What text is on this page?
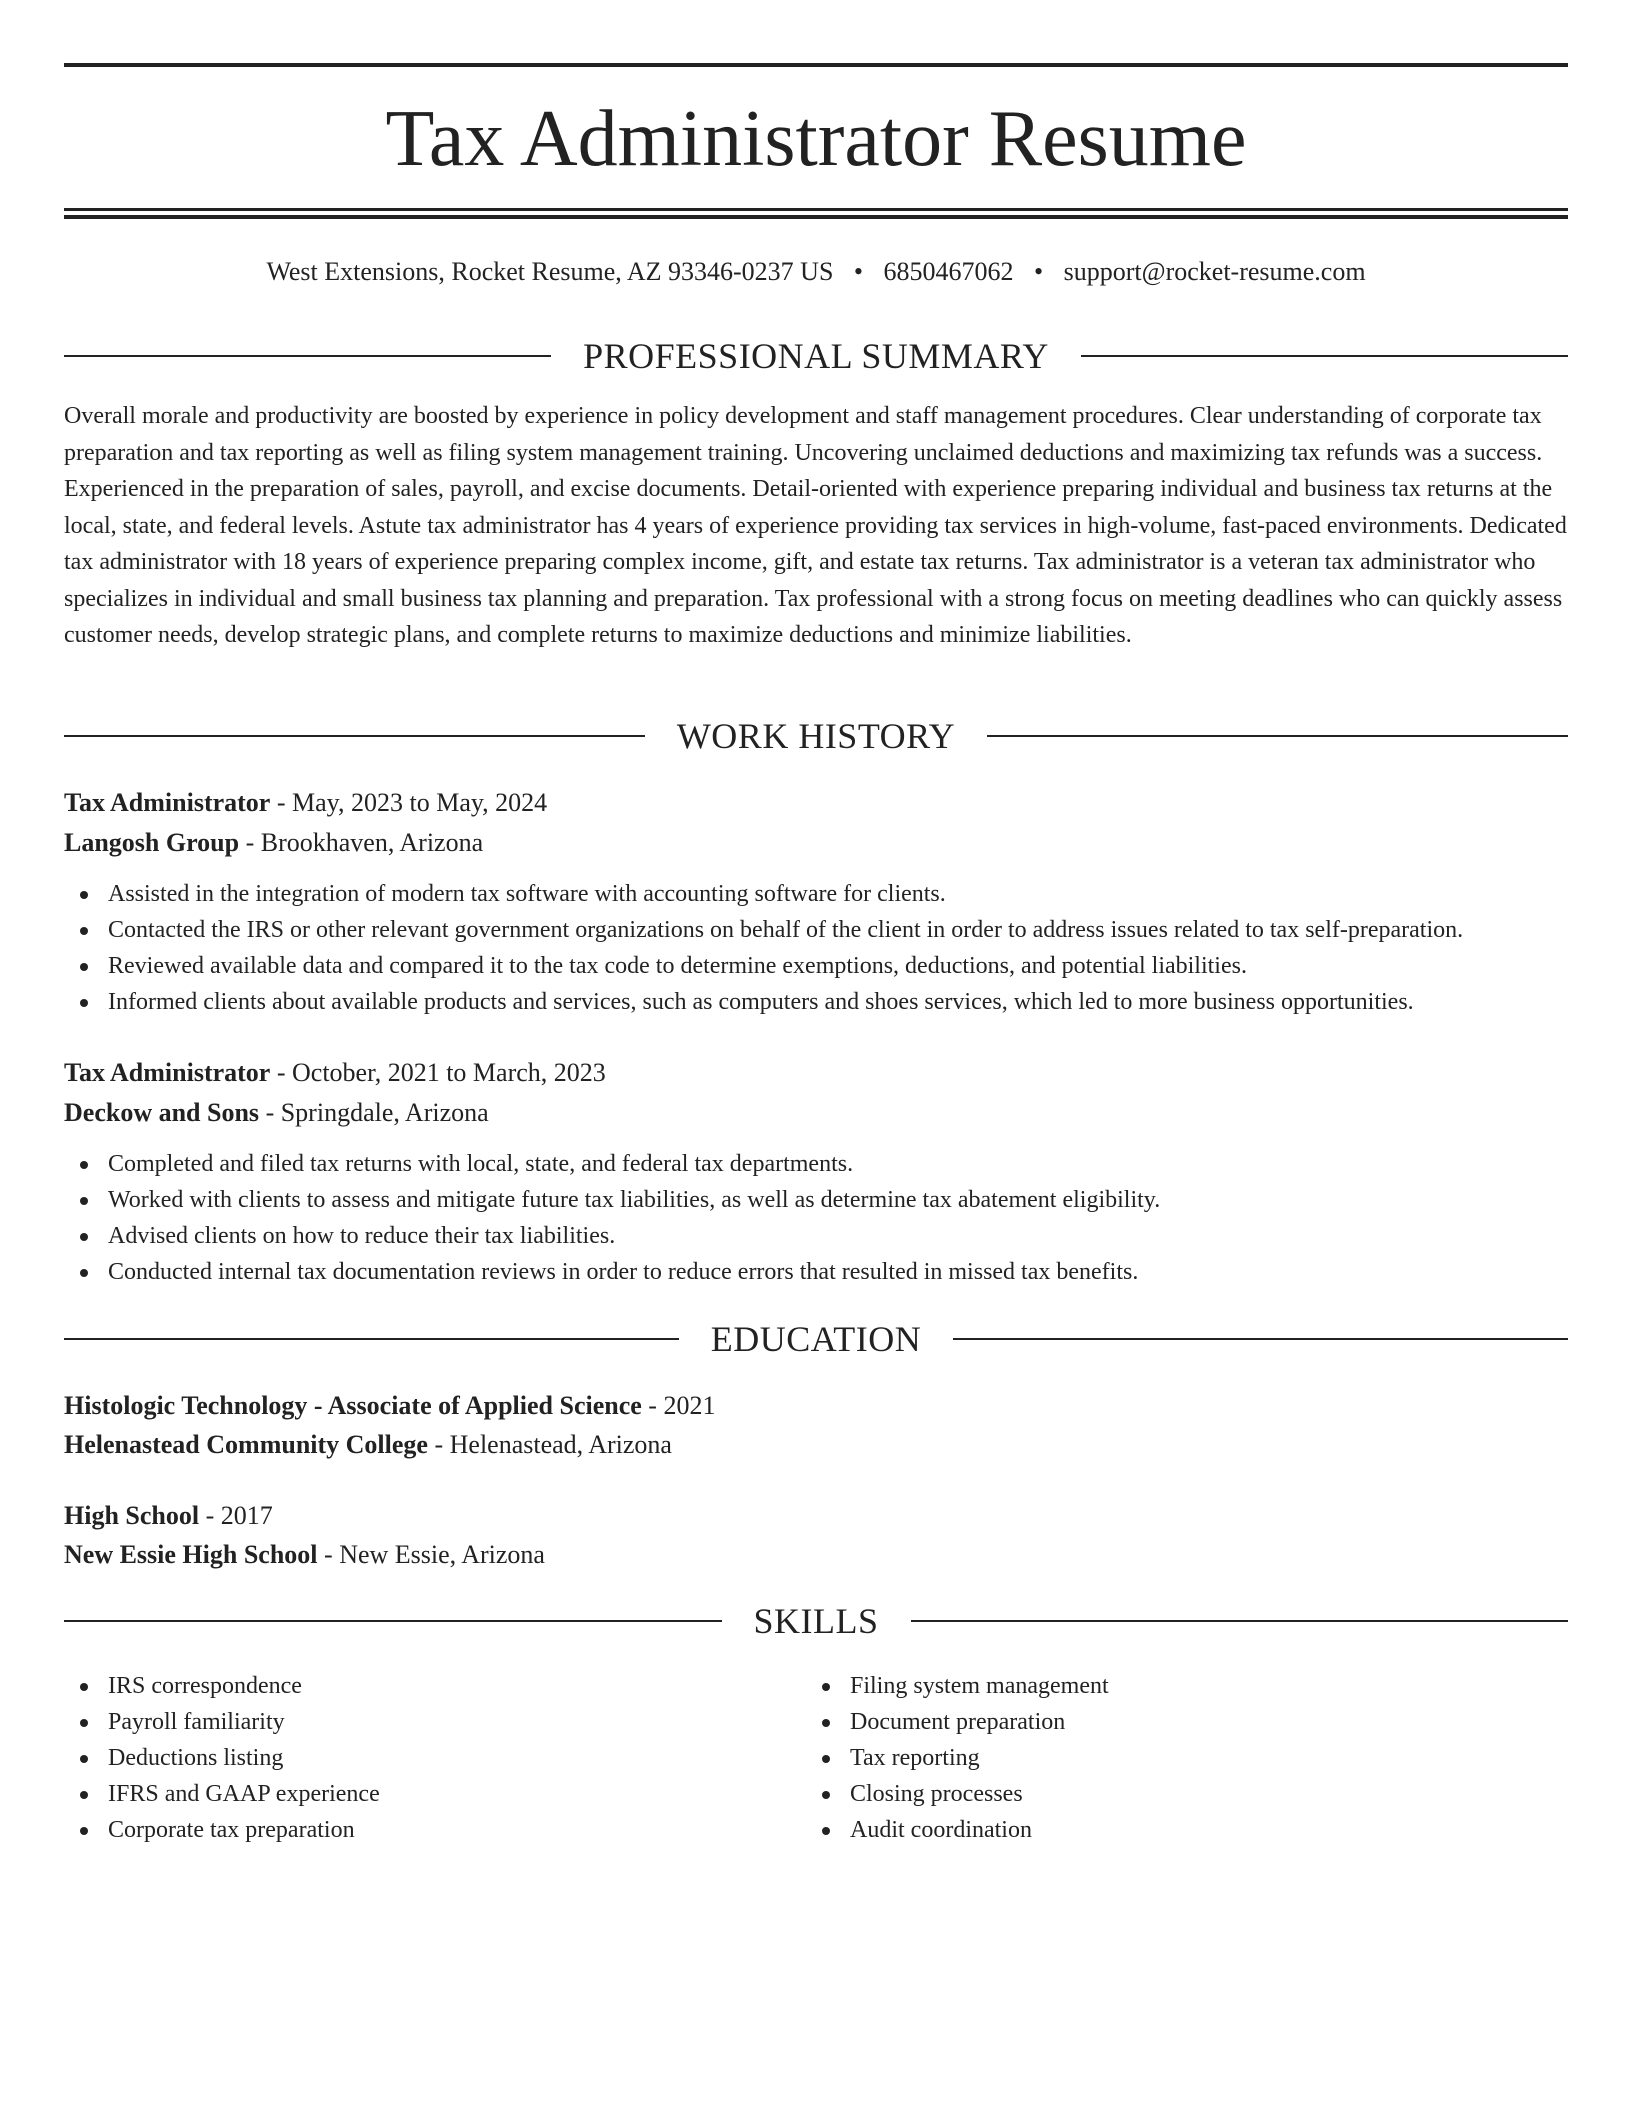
Tax Administrator Resume
West Extensions, Rocket Resume, AZ 93346-0237 US • 6850467062 • support@rocket-resume.com
PROFESSIONAL SUMMARY

Overall morale and productivity are boosted by experience in policy development and staff management procedures. Clear understanding of corporate tax preparation and tax reporting as well as filing system management training. Uncovering unclaimed deductions and maximizing tax refunds was a success. Experienced in the preparation of sales, payroll, and excise documents. Detail-oriented with experience preparing individual and business tax returns at the local, state, and federal levels. Astute tax administrator has 4 years of experience providing tax services in high-volume, fast-paced environments. Dedicated tax administrator with 18 years of experience preparing complex income, gift, and estate tax returns. Tax administrator is a veteran tax administrator who specializes in individual and small business tax planning and preparation. Tax professional with a strong focus on meeting deadlines who can quickly assess customer needs, develop strategic plans, and complete returns to maximize deductions and minimize liabilities.

WORK HISTORY
Tax Administrator - May, 2023 to May, 2024
Langosh Group - Brookhaven, Arizona
Assisted in the integration of modern tax software with accounting software for clients.
Contacted the IRS or other relevant government organizations on behalf of the client in order to address issues related to tax self-preparation.
Reviewed available data and compared it to the tax code to determine exemptions, deductions, and potential liabilities.
Informed clients about available products and services, such as computers and shoes services, which led to more business opportunities.
Tax Administrator - October, 2021 to March, 2023
Deckow and Sons - Springdale, Arizona
Completed and filed tax returns with local, state, and federal tax departments.
Worked with clients to assess and mitigate future tax liabilities, as well as determine tax abatement eligibility.
Advised clients on how to reduce their tax liabilities.
Conducted internal tax documentation reviews in order to reduce errors that resulted in missed tax benefits.
EDUCATION
Histologic Technology - Associate of Applied Science - 2021
Helenastead Community College - Helenastead, Arizona
High School - 2017
New Essie High School - New Essie, Arizona
SKILLS
IRS correspondence
Payroll familiarity
Deductions listing
IFRS and GAAP experience
Corporate tax preparation
Filing system management
Document preparation
Tax reporting
Closing processes
Audit coordination
